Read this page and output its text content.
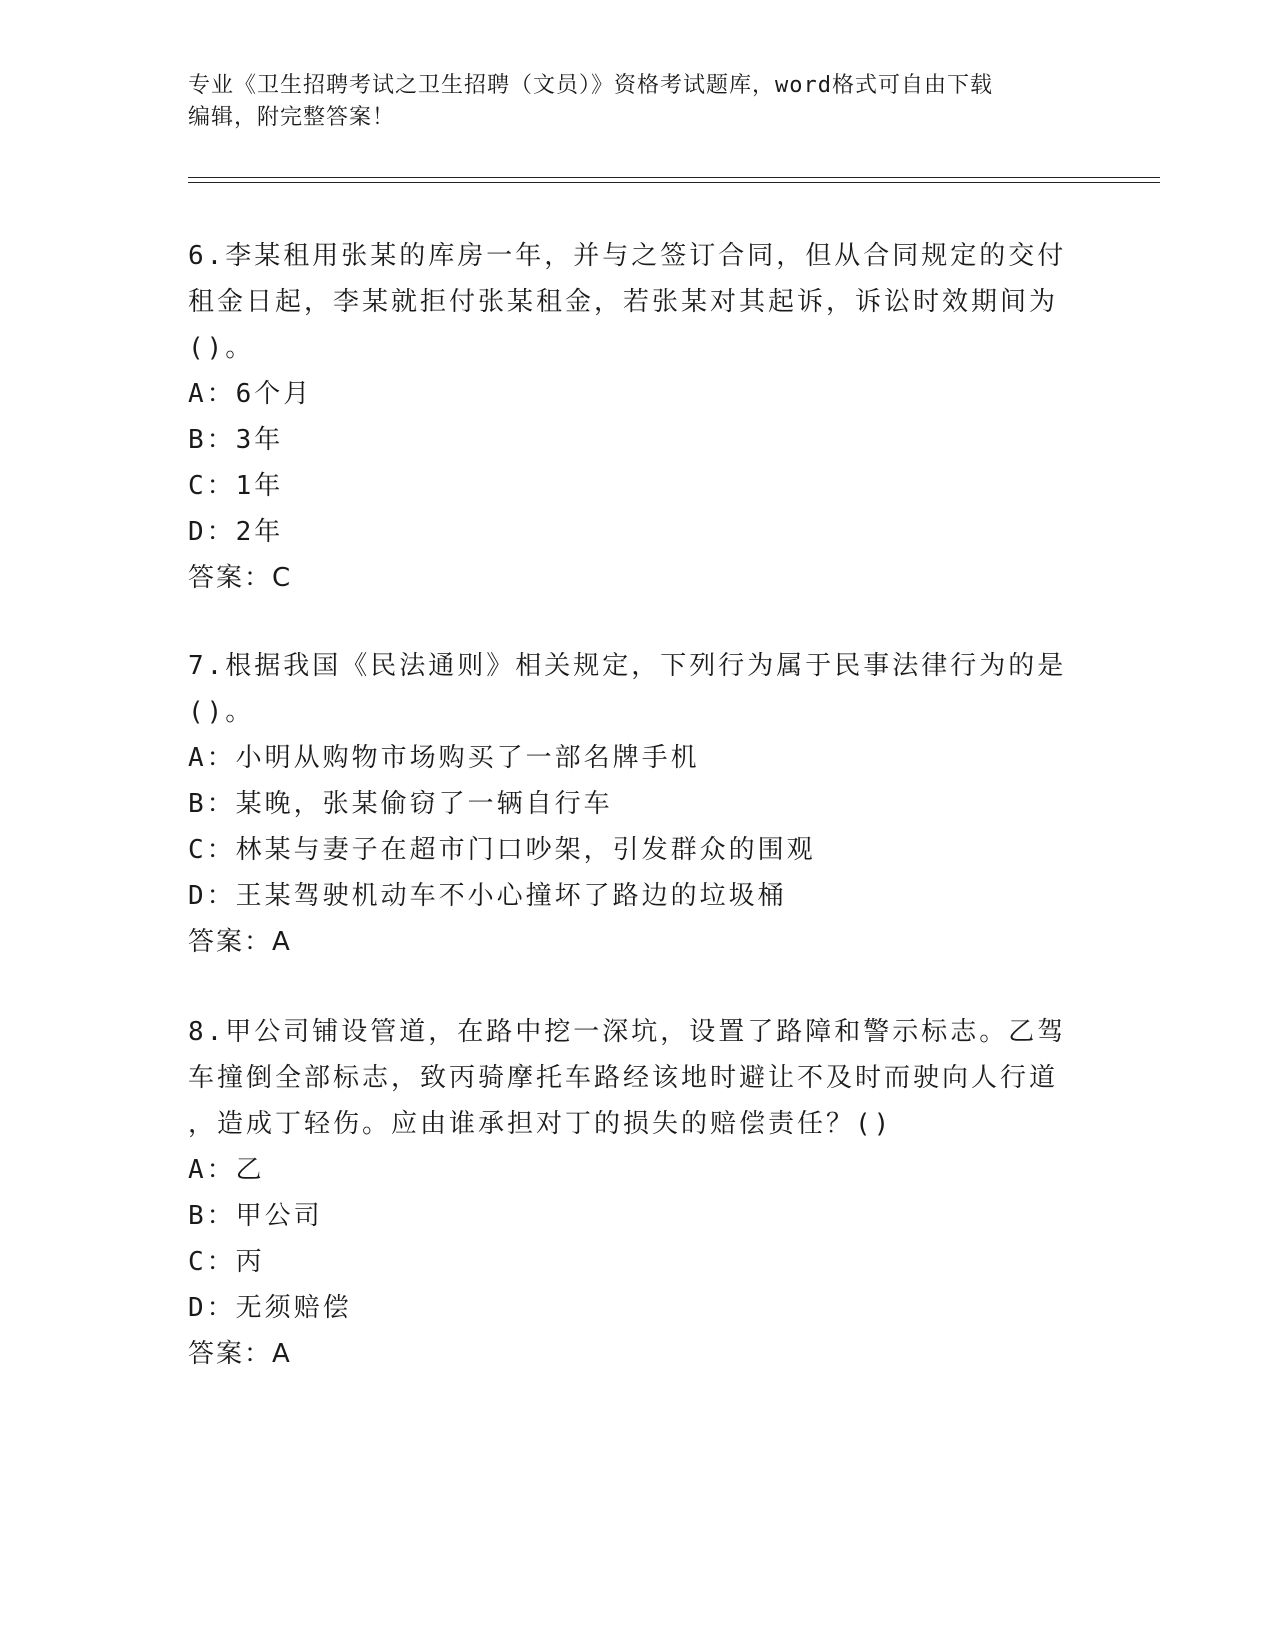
专业《卫生招聘考试之卫生招聘（文员）》资格考试题库，word格式可自由下载
编辑，附完整答案！
6.李某租用张某的库房一年，并与之签订合同，但从合同规定的交付
租金日起，李某就拒付张某租金，若张某对其起诉，诉讼时效期间为
()。
A：6个月
B：3年
C：1年
D：2年
答案：C
7.根据我国《民法通则》相关规定，下列行为属于民事法律行为的是
()。
A：小明从购物市场购买了一部名牌手机
B：某晚，张某偷窃了一辆自行车
C：林某与妻子在超市门口吵架，引发群众的围观
D：王某驾驶机动车不小心撞坏了路边的垃圾桶
答案：A
8.甲公司铺设管道，在路中挖一深坑，设置了路障和警示标志。乙驾
车撞倒全部标志，致丙骑摩托车路经该地时避让不及时而驶向人行道
，造成丁轻伤。应由谁承担对丁的损失的赔偿责任？()
A：乙
B：甲公司
C：丙
D：无须赔偿
答案：A
